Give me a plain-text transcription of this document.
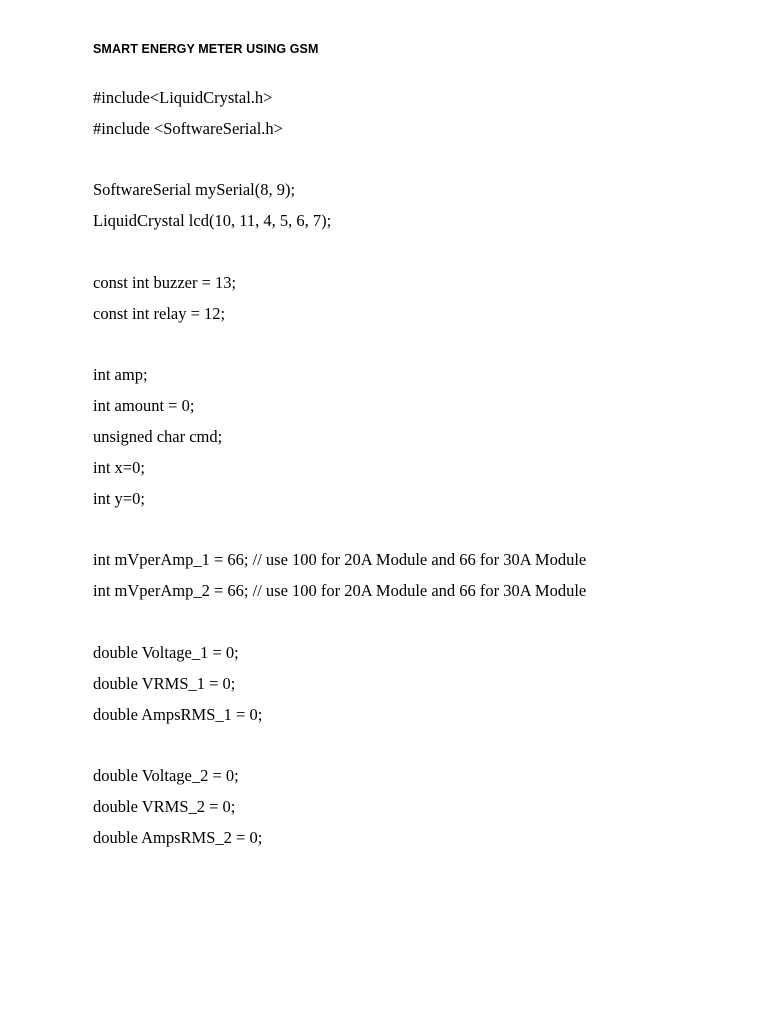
SMART ENERGY METER USING GSM
#include<LiquidCrystal.h>
#include <SoftwareSerial.h>
SoftwareSerial mySerial(8, 9);
LiquidCrystal lcd(10, 11, 4, 5, 6, 7);
const int buzzer = 13;
const int relay = 12;
int amp;
int amount = 0;
unsigned char cmd;
int x=0;
int y=0;
int mVperAmp_1 = 66; // use 100 for 20A Module and 66 for 30A Module
int mVperAmp_2 = 66; // use 100 for 20A Module and 66 for 30A Module
double Voltage_1 = 0;
double VRMS_1 = 0;
double AmpsRMS_1 = 0;
double Voltage_2 = 0;
double VRMS_2 = 0;
double AmpsRMS_2 = 0;
